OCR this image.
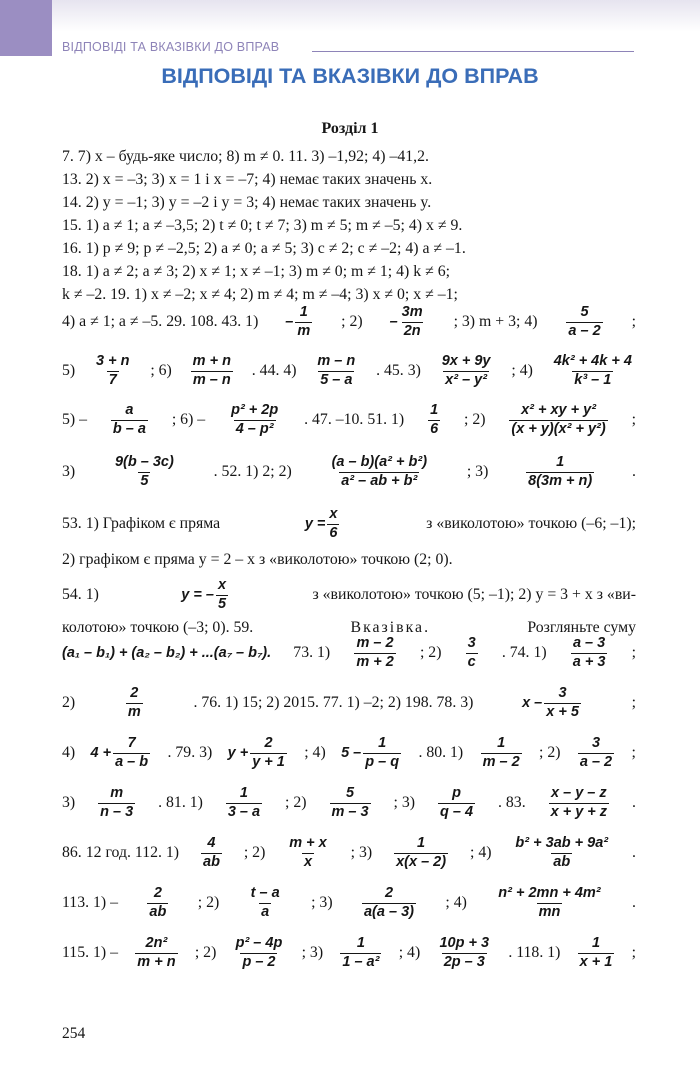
ВІДПОВІДІ ТА ВКАЗІВКИ ДО ВПРАВ
ВІДПОВІДІ ТА ВКАЗІВКИ ДО ВПРАВ
Розділ 1
7. 7) x – будь-яке число; 8) m ≠ 0. 11. 3) –1,92; 4) –41,2.
13. 2) x = –3; 3) x = 1 і x = –7; 4) немає таких значень x.
14. 2) y = –1; 3) y = –2 і y = 3; 4) немає таких значень y.
15. 1) a ≠ 1; a ≠ –3,5; 2) t ≠ 0; t ≠ 7; 3) m ≠ 5; m ≠ –5; 4) x ≠ 9.
16. 1) p ≠ 9; p ≠ –2,5; 2) a ≠ 0; a ≠ 5; 3) c ≠ 2; c ≠ –2; 4) a ≠ –1.
18. 1) a ≠ 2; a ≠ 3; 2) x ≠ 1; x ≠ –1; 3) m ≠ 0; m ≠ 1; 4) k ≠ 6;
k ≠ –2. 19. 1) x ≠ –2; x ≠ 4; 2) m ≠ 4; m ≠ –4; 3) x ≠ 0; x ≠ –1;
4) a ≠ 1; a ≠ –5. 29. 108. 43. 1) –
1
m
; 2) –
3m
2n
; 3) m + 3; 4)
5
a – 2
;
5)
3 + n
7
; 6)
m + n
m – n
. 44. 4)
m – n
5 – a
. 45. 3)
9x + 9y
x² – y²
; 4)
4k² + 4k + 4
k³ – 1
5) –
a
b – a
; 6) –
p² + 2p
4 – p²
. 47. –10. 51. 1)
1
6
; 2)
x² + xy + y²
(x + y)(x² + y²)
;
3)
9(b – 3c)
5
. 52. 1) 2; 2)
(a – b)(a² + b²)
a² – ab + b²
; 3)
1
8(3m + n)
.
53. 1) Графіком є пряма	$y = \frac{x}{6}$	з «виколотою» точкою (–6; –1);
2) графіком є пряма y = 2 – x з «виколотою» точкою (2; 0).
54. 1)	y = –
x
5
з «виколотою» точкою (5; –1); 2) y = 3 + x з «ви-
колотою» точкою (–3; 0). 59.	Вказівка.	Розгляньте суму
(a₁ – b₁) + (a₂ – b₂) + ...(a₇ – b₇). 73. 1)
m – 2
m + 2
; 2)
3
c
. 74. 1)
a – 3
a + 3
;
2)
2
m
. 76. 1) 15; 2) 2015. 77. 1) –2; 2) 198. 78. 3)	x –
3
x + 5
;
4) $4 + \frac{7}{a - b}$ . 79. 3) $y + \frac{2}{y + 1}$ ; 4) 5 –
1
p – q
. 80. 1)
1
m – 2
; 2)
3
a – 2
;
3)
m
n – 3
. 81. 1)
1
3 – a
; 2)
5
m – 3
; 3)
p
q – 4
. 83.
x – y – z
x + y + z
.
86. 12 год. 112. 1)
4
ab
; 2)
m + x
x
; 3)
1
x(x – 2)
; 4)
b² + 3ab + 9a²
ab
.
113. 1) –
2
ab
; 2)
t – a
a
; 3)
2
a(a – 3)
; 4)
n² + 2mn + 4m²
mn
.
115. 1) –
2n²
m + n
; 2)
p² – 4p
p – 2
; 3)
1
1 – a²
; 4)
10p + 3
2p – 3
. 118. 1)
1
x + 1
;
254
